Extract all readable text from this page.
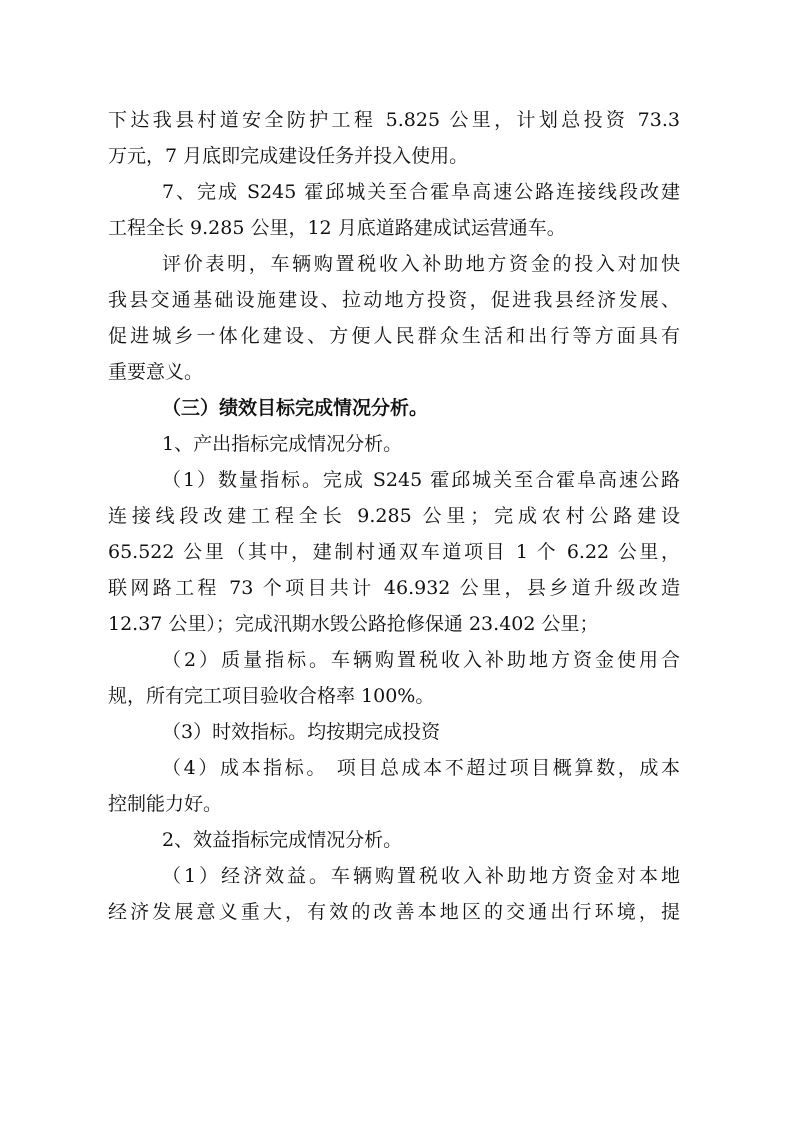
下达我县村道安全防护工程 5.825 公里，计划总投资 73.3
万元，7 月底即完成建设任务并投入使用。
7、完成 S245 霍邱城关至合霍阜高速公路连接线段改建
工程全长 9.285 公里，12 月底道路建成试运营通车。
评价表明，车辆购置税收入补助地方资金的投入对加快
我县交通基础设施建设、拉动地方投资，促进我县经济发展、
促进城乡一体化建设、方便人民群众生活和出行等方面具有
重要意义。
（三）绩效目标完成情况分析。
1、产出指标完成情况分析。
（1）数量指标。完成 S245 霍邱城关至合霍阜高速公路
连接线段改建工程全长 9.285 公里；完成农村公路建设
65.522 公里（其中，建制村通双车道项目 1 个 6.22 公里，
联网路工程 73 个项目共计 46.932 公里，县乡道升级改造
12.37 公里）；完成汛期水毁公路抢修保通 23.402 公里；
（2）质量指标。车辆购置税收入补助地方资金使用合
规，所有完工项目验收合格率 100%。
（3）时效指标。均按期完成投资
（4）成本指标。 项目总成本不超过项目概算数，成本
控制能力好。
2、效益指标完成情况分析。
（1）经济效益。车辆购置税收入补助地方资金对本地
经济发展意义重大，有效的改善本地区的交通出行环境，提
